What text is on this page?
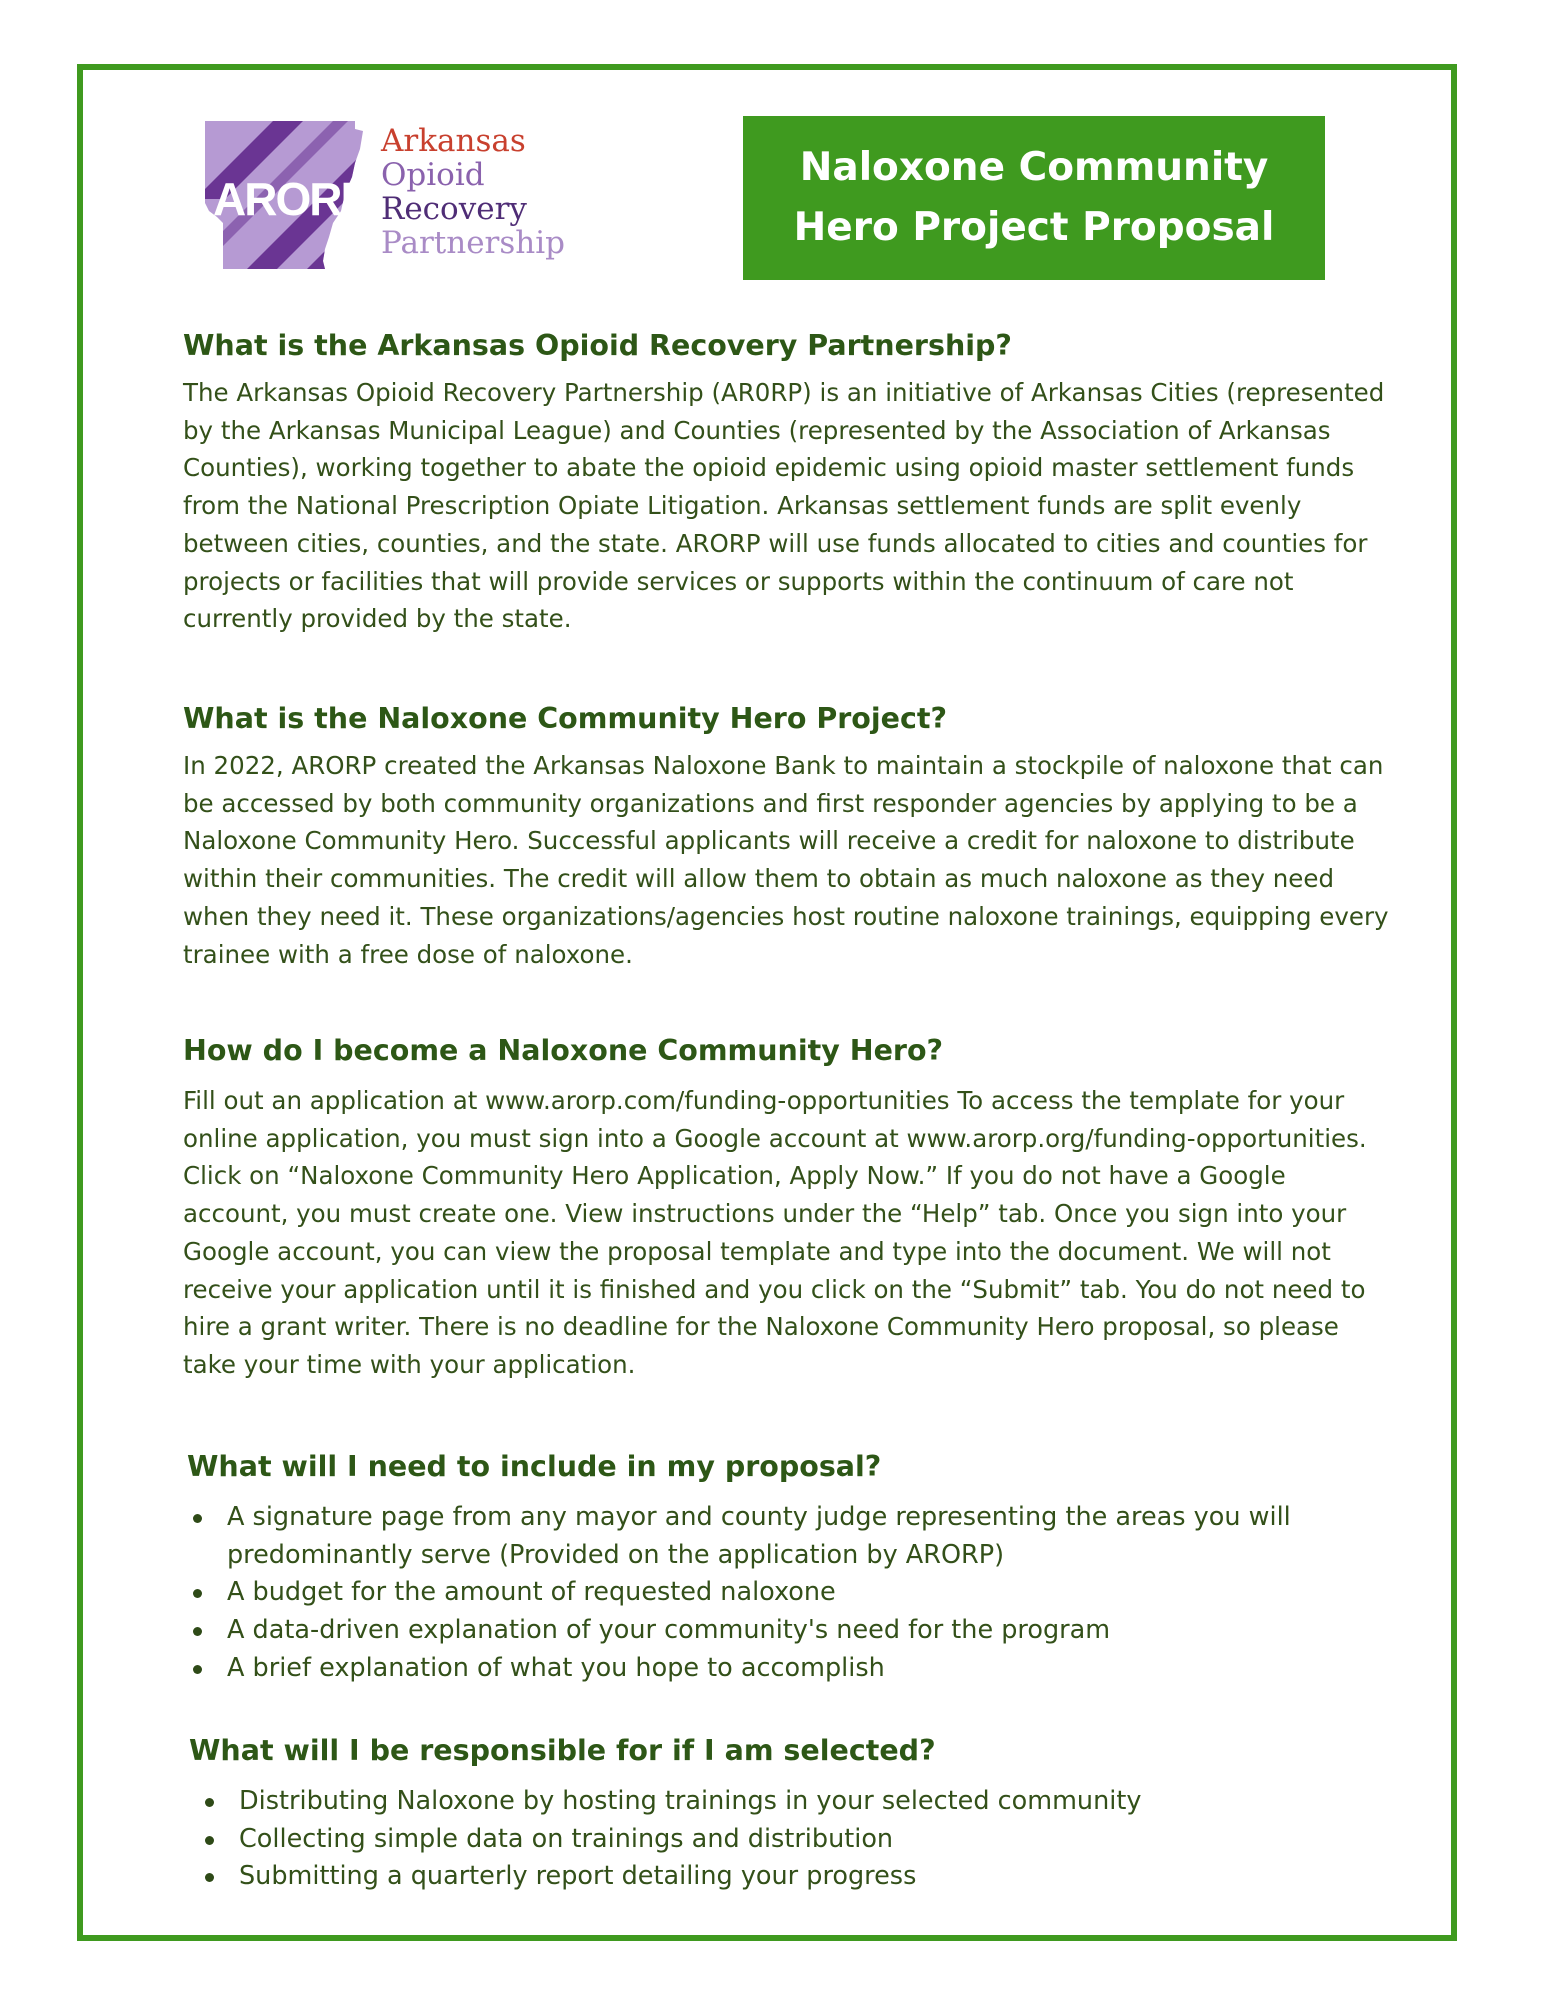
ARORP
Arkansas
Opioid
Recovery
Partnership
Naloxone Community
Hero Project Proposal
What is the Arkansas Opioid Recovery Partnership?

The Arkansas Opioid Recovery Partnership (AR0RP) is an initiative of Arkansas Cities (represented by the Arkansas Municipal League) and Counties (represented by the Association of Arkansas Counties), working together to abate the opioid epidemic using opioid master settlement funds from the National Prescription Opiate Litigation. Arkansas settlement funds are split evenly between cities, counties, and the state. ARORP will use funds allocated to cities and counties for projects or facilities that will provide services or supports within the continuum of care not currently provided by the state.

What is the Naloxone Community Hero Project?

In 2022, ARORP created the Arkansas Naloxone Bank to maintain a stockpile of naloxone that can be accessed by both community organizations and first responder agencies by applying to be a Naloxone Community Hero. Successful applicants will receive a credit for naloxone to distribute within their communities. The credit will allow them to obtain as much naloxone as they need when they need it. These organizations/agencies host routine naloxone trainings, equipping every trainee with a free dose of naloxone.

How do I become a Naloxone Community Hero?

Fill out an application at www.arorp.com/funding-opportunities To access the template for your online application, you must sign into a Google account at www.arorp.org/funding-opportunities. Click on “Naloxone Community Hero Application, Apply Now.” If you do not have a Google account, you must create one. View instructions under the “Help” tab. Once you sign into your Google account, you can view the proposal template and type into the document. We will not receive your application until it is finished and you click on the “Submit” tab. You do not need to hire a grant writer. There is no deadline for the Naloxone Community Hero proposal, so please take your time with your application.

What will I need to include in my proposal?
A signature page from any mayor and county judge representing the areas you will predominantly serve (Provided on the application by ARORP)
A budget for the amount of requested naloxone
A data-driven explanation of your community's need for the program
A brief explanation of what you hope to accomplish
What will I be responsible for if I am selected?
Distributing Naloxone by hosting trainings in your selected community
Collecting simple data on trainings and distribution
Submitting a quarterly report detailing your progress
